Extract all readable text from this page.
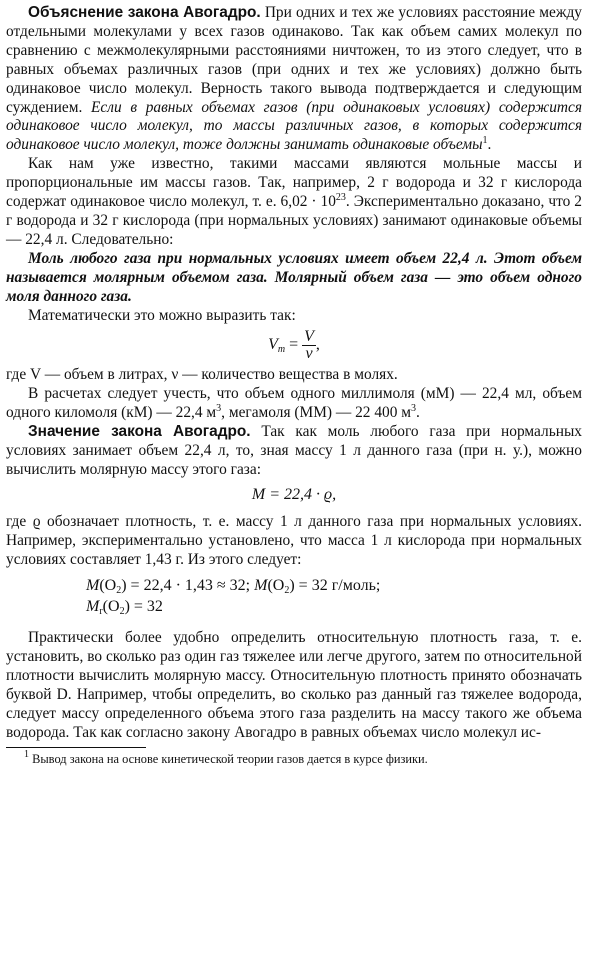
Объяснение закона Авогадро. При одних и тех же условиях расстояние между отдельными молекулами у всех газов одинаково. Так как объем самих молекул по сравнению с межмолекулярными расстояниями ничтожен, то из этого следует, что в равных объемах различных газов (при одних и тех же условиях) должно быть одинаковое число молекул. Верность такого вывода подтверждается и следующим суждением. Если в равных объемах газов (при одинаковых условиях) содержится одинаковое число молекул, то массы различных газов, в которых содержится одинаковое число молекул, тоже должны занимать одинаковые объемы$^1$.

Как нам уже известно, такими массами являются мольные массы и пропорциональные им массы газов. Так, например, 2 г водорода и 32 г кислорода содержат одинаковое число молекул, т. е. $6,02 \cdot 10^{23}$. Экспериментально доказано, что 2 г водорода и 32 г кислорода (при нормальных условиях) занимают одинаковые объемы — 22,4 л. Следовательно:

Моль любого газа при нормальных условиях имеет объем 22,4 л. Этот объем называется молярным объемом газа. Молярный объем газа — это объем одного моля данного газа.

Математически это можно выразить так:

$V_m = \frac{V}{\nu}$ ,

где V — объем в литрах, ν — количество вещества в молях.

В расчетах следует учесть, что объем одного миллимоля (мМ) — 22,4 мл, объем одного киломоля (кМ) — 22,4 $м^3$, мегамоля (ММ) — 22 400 $м^3$.

Значение закона Авогадро. Так как моль любого газа при нормальных условиях занимает объем 22,4 л, то, зная массу 1 л данного газа (при н. у.), можно вычислить молярную массу этого газа:

M = 22,4 · ϱ,

где ϱ обозначает плотность, т. е. массу 1 л данного газа при нормальных условиях. Например, экспериментально установлено, что масса 1 л кислорода при нормальных условиях составляет 1,43 г. Из этого следует:

$M(O_2) = 22,4 \cdot 1,43 \approx 32$; $M(O_2) = 32$ г/моль;
$M_r(O_2) = 32$

Практически более удобно определить относительную плотность газа, т. е. установить, во сколько раз один газ тяжелее или легче другого, затем по относительной плотности вычислить молярную массу. Относительную плотность принято обозначать буквой D. Например, чтобы определить, во сколько раз данный газ тяжелее водорода, следует массу определенного объема этого газа разделить на массу такого же объема водорода. Так как согласно закону Авогадро в равных объемах число молекул ис-

$^1$ Вывод закона на основе кинетической теории газов дается в курсе физики.
